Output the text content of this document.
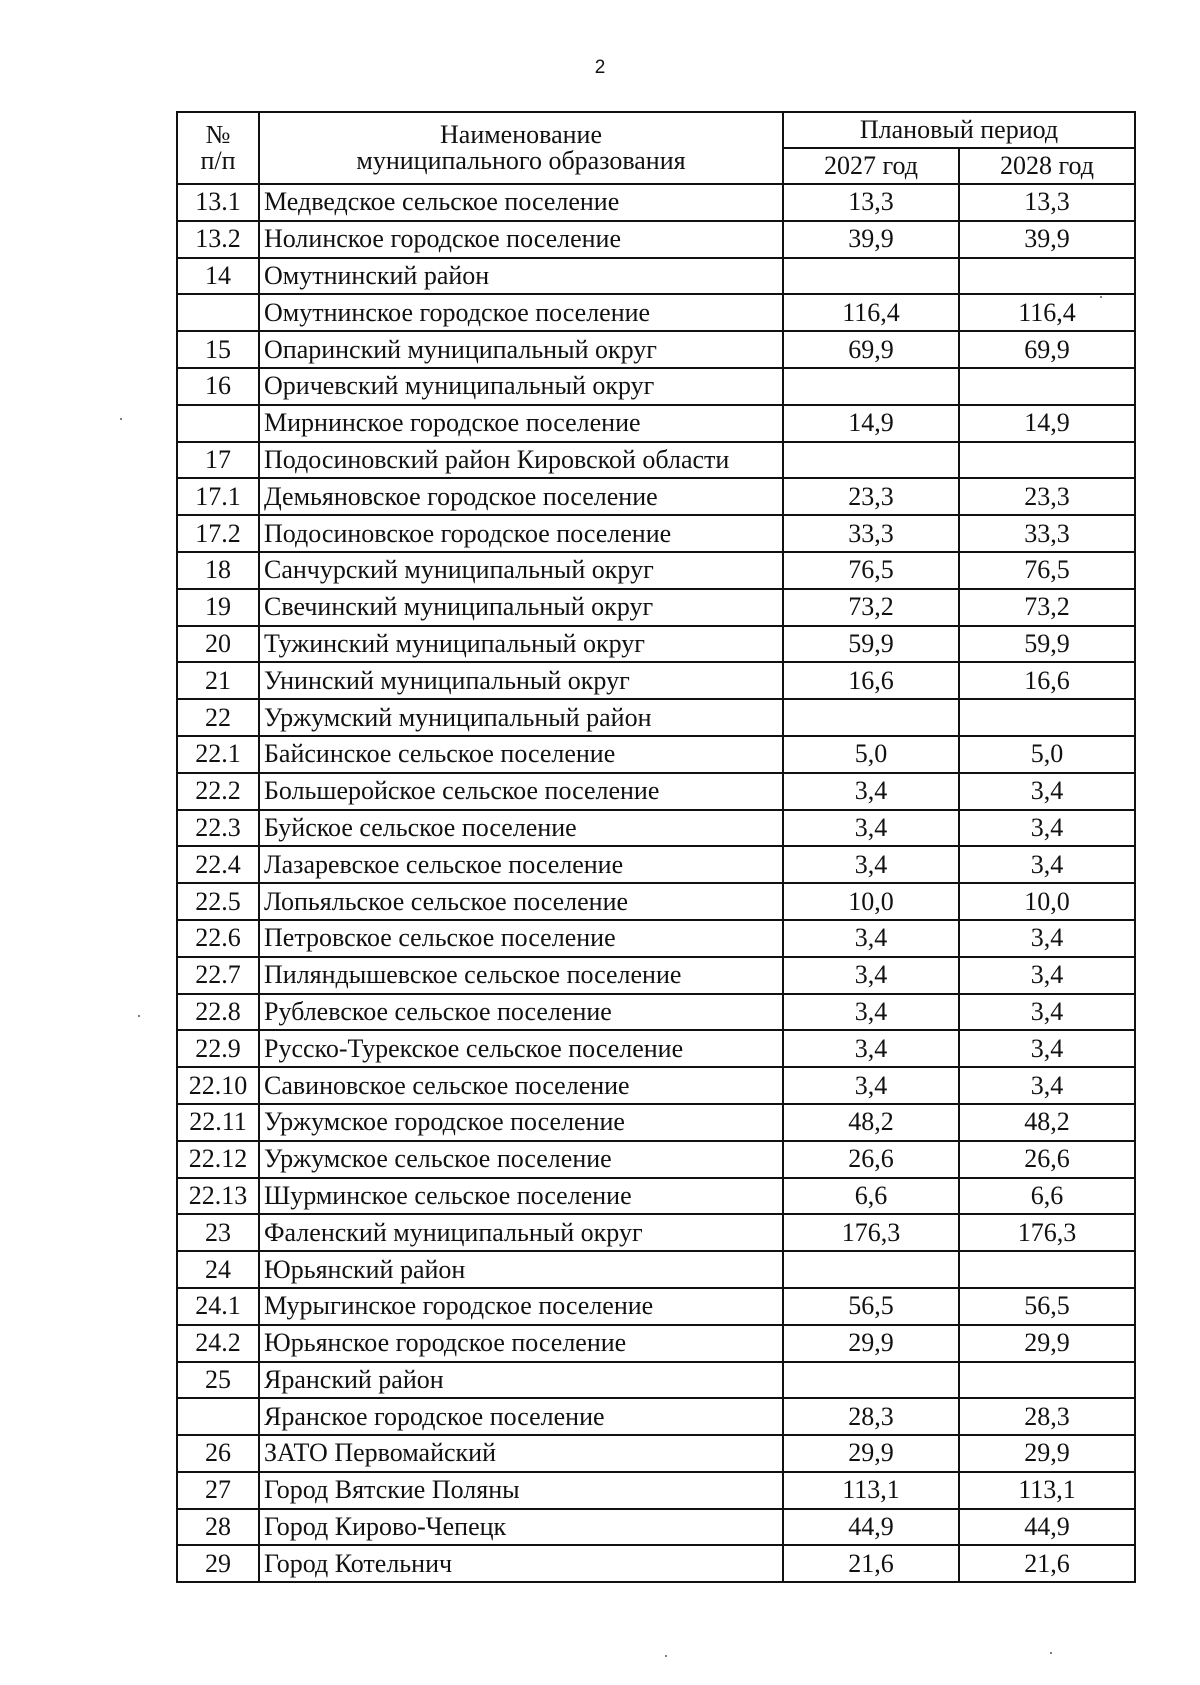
2
№	Наименование	Плановый период	
п/п	муниципального образования	2027 год	2028 год
13.1	Медведское сельское поселение	13,3	13,3
13.2	Нолинское городское поселение	39,9	39,9
14	Омутнинский район		
	Омутнинское городское поселение	116,4	116,4
15	Опаринский муниципальный округ	69,9	69,9
16	Оричевский муниципальный округ		
	Мирнинское городское поселение	14,9	14,9
17	Подосиновский район Кировской области		
17.1	Демьяновское городское поселение	23,3	23,3
17.2	Подосиновское городское поселение	33,3	33,3
18	Санчурский муниципальный округ	76,5	76,5
19	Свечинский муниципальный округ	73,2	73,2
20	Тужинский муниципальный округ	59,9	59,9
21	Унинский муниципальный округ	16,6	16,6
22	Уржумский муниципальный район		
22.1	Байсинское сельское поселение	5,0	5,0
22.2	Большеройское сельское поселение	3,4	3,4
22.3	Буйское сельское поселение	3,4	3,4
22.4	Лазаревское сельское поселение	3,4	3,4
22.5	Лопьяльское сельское поселение	10,0	10,0
22.6	Петровское сельское поселение	3,4	3,4
22.7	Пиляндышевское сельское поселение	3,4	3,4
22.8	Рублевское сельское поселение	3,4	3,4
22.9	Русско-Турекское сельское поселение	3,4	3,4
22.10	Савиновское сельское поселение	3,4	3,4
22.11	Уржумское городское поселение	48,2	48,2
22.12	Уржумское сельское поселение	26,6	26,6
22.13	Шурминское сельское поселение	6,6	6,6
23	Фаленский муниципальный округ	176,3	176,3
24	Юрьянский район		
24.1	Мурыгинское городское поселение	56,5	56,5
24.2	Юрьянское городское поселение	29,9	29,9
25	Яранский район		
	Яранское городское поселение	28,3	28,3
26	ЗАТО Первомайский	29,9	29,9
27	Город Вятские Поляны	113,1	113,1
28	Город Кирово-Чепецк	44,9	44,9
29	Город Котельнич	21,6	21,6
